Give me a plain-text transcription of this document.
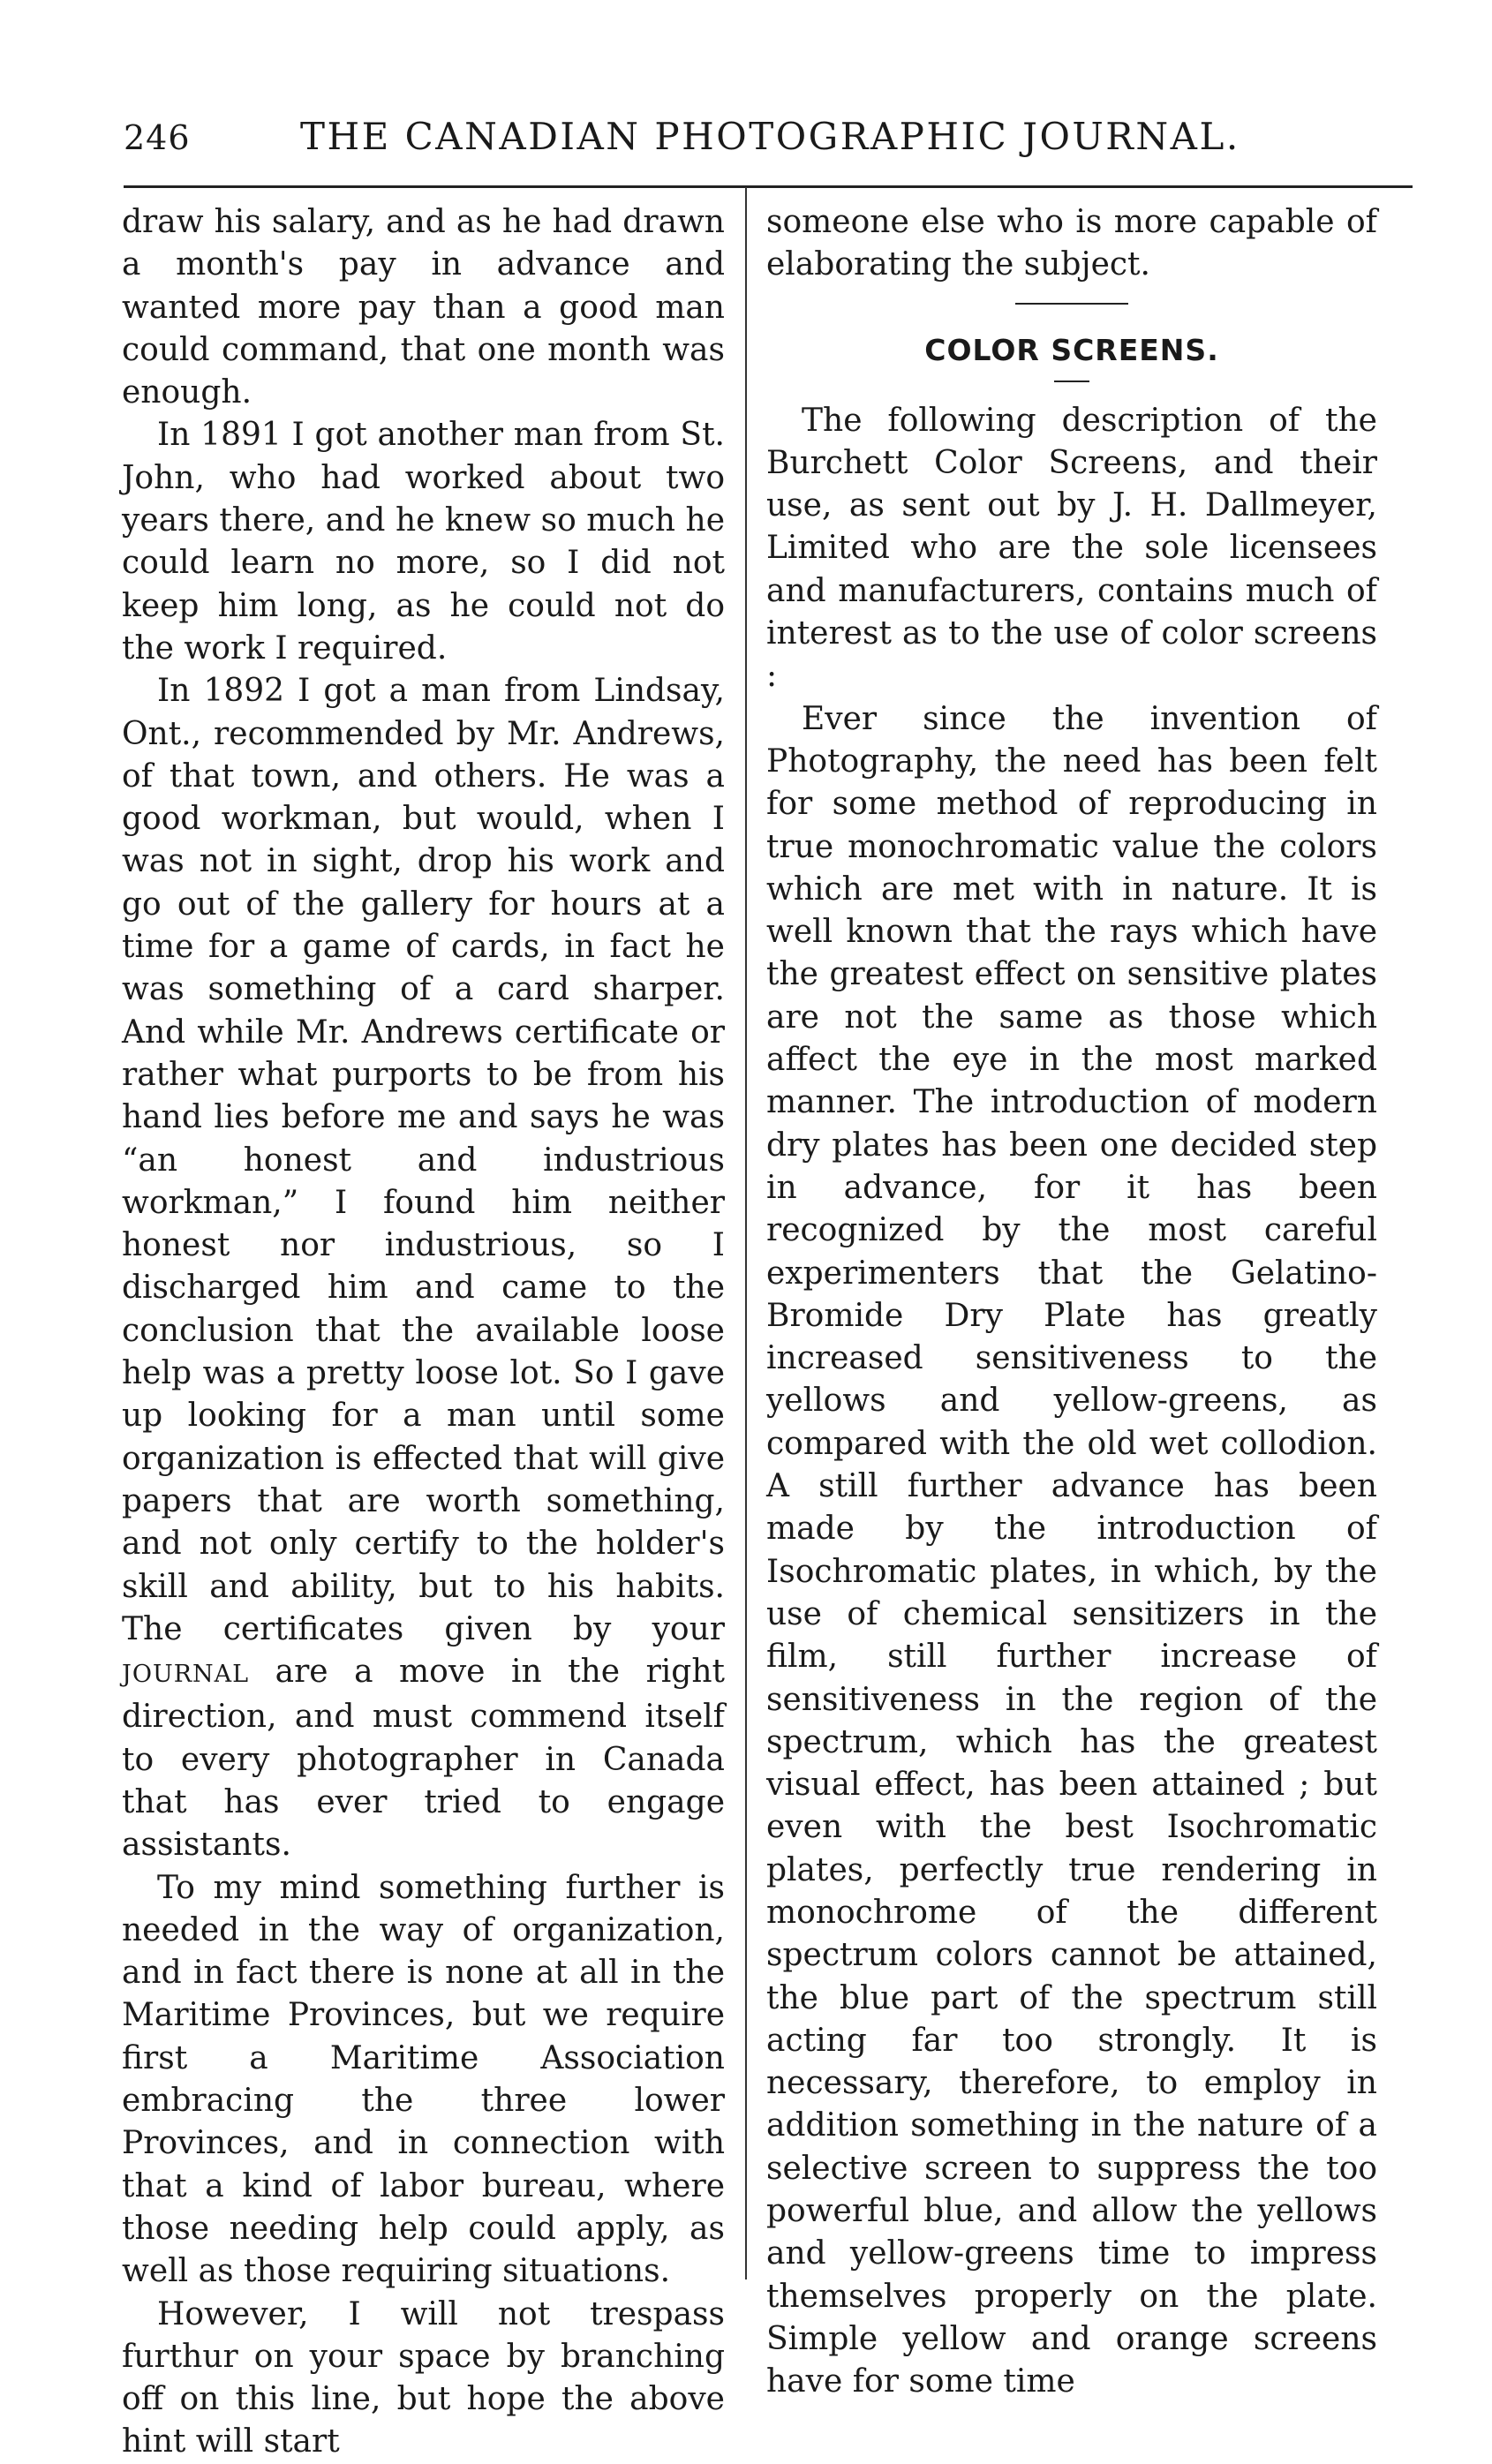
246	THE CANADIAN PHOTOGRAPHIC JOURNAL.

draw his salary, and as he had drawn a month's pay in advance and wanted more pay than a good man could command, that one month was enough.

In 1891 I got another man from St. John, who had worked about two years there, and he knew so much he could learn no more, so I did not keep him long, as he could not do the work I required.

In 1892 I got a man from Lindsay, Ont., recommended by Mr. Andrews, of that town, and others. He was a good workman, but would, when I was not in sight, drop his work and go out of the gallery for hours at a time for a game of cards, in fact he was something of a card sharper. And while Mr. Andrews certificate or rather what purports to be from his hand lies before me and says he was “an honest and industrious workman,” I found him neither honest nor industrious, so I discharged him and came to the conclusion that the available loose help was a pretty loose lot. So I gave up looking for a man until some organization is effected that will give papers that are worth something, and not only certify to the holder's skill and ability, but to his habits. The certificates given by your JOURNAL are a move in the right direction, and must commend itself to every photographer in Canada that has ever tried to engage assistants.

To my mind something further is needed in the way of organization, and in fact there is none at all in the Maritime Provinces, but we require first a Maritime Association embracing the three lower Provinces, and in connection with that a kind of labor bureau, where those needing help could apply, as well as those requiring situations.

However, I will not trespass furthur on your space by branching off on this line, but hope the above hint will start

someone else who is more capable of elaborating the subject.

COLOR SCREENS.

The following description of the Burchett Color Screens, and their use, as sent out by J. H. Dallmeyer, Limited who are the sole licensees and manufacturers, contains much of interest as to the use of color screens :

Ever since the invention of Photography, the need has been felt for some method of reproducing in true monochromatic value the colors which are met with in nature. It is well known that the rays which have the greatest effect on sensitive plates are not the same as those which affect the eye in the most marked manner. The introduction of modern dry plates has been one decided step in advance, for it has been recognized by the most careful experimenters that the Gelatino-Bromide Dry Plate has greatly increased sensitiveness to the yellows and yellow-greens, as compared with the old wet collodion. A still further advance has been made by the introduction of Isochromatic plates, in which, by the use of chemical sensitizers in the film, still further increase of sensitiveness in the region of the spectrum, which has the greatest visual effect, has been attained ; but even with the best Isochromatic plates, perfectly true rendering in monochrome of the different spectrum colors cannot be attained, the blue part of the spectrum still acting far too strongly. It is necessary, therefore, to employ in addition something in the nature of a selective screen to suppress the too powerful blue, and allow the yellows and yellow-greens time to impress themselves properly on the plate. Simple yellow and orange screens have for some time
